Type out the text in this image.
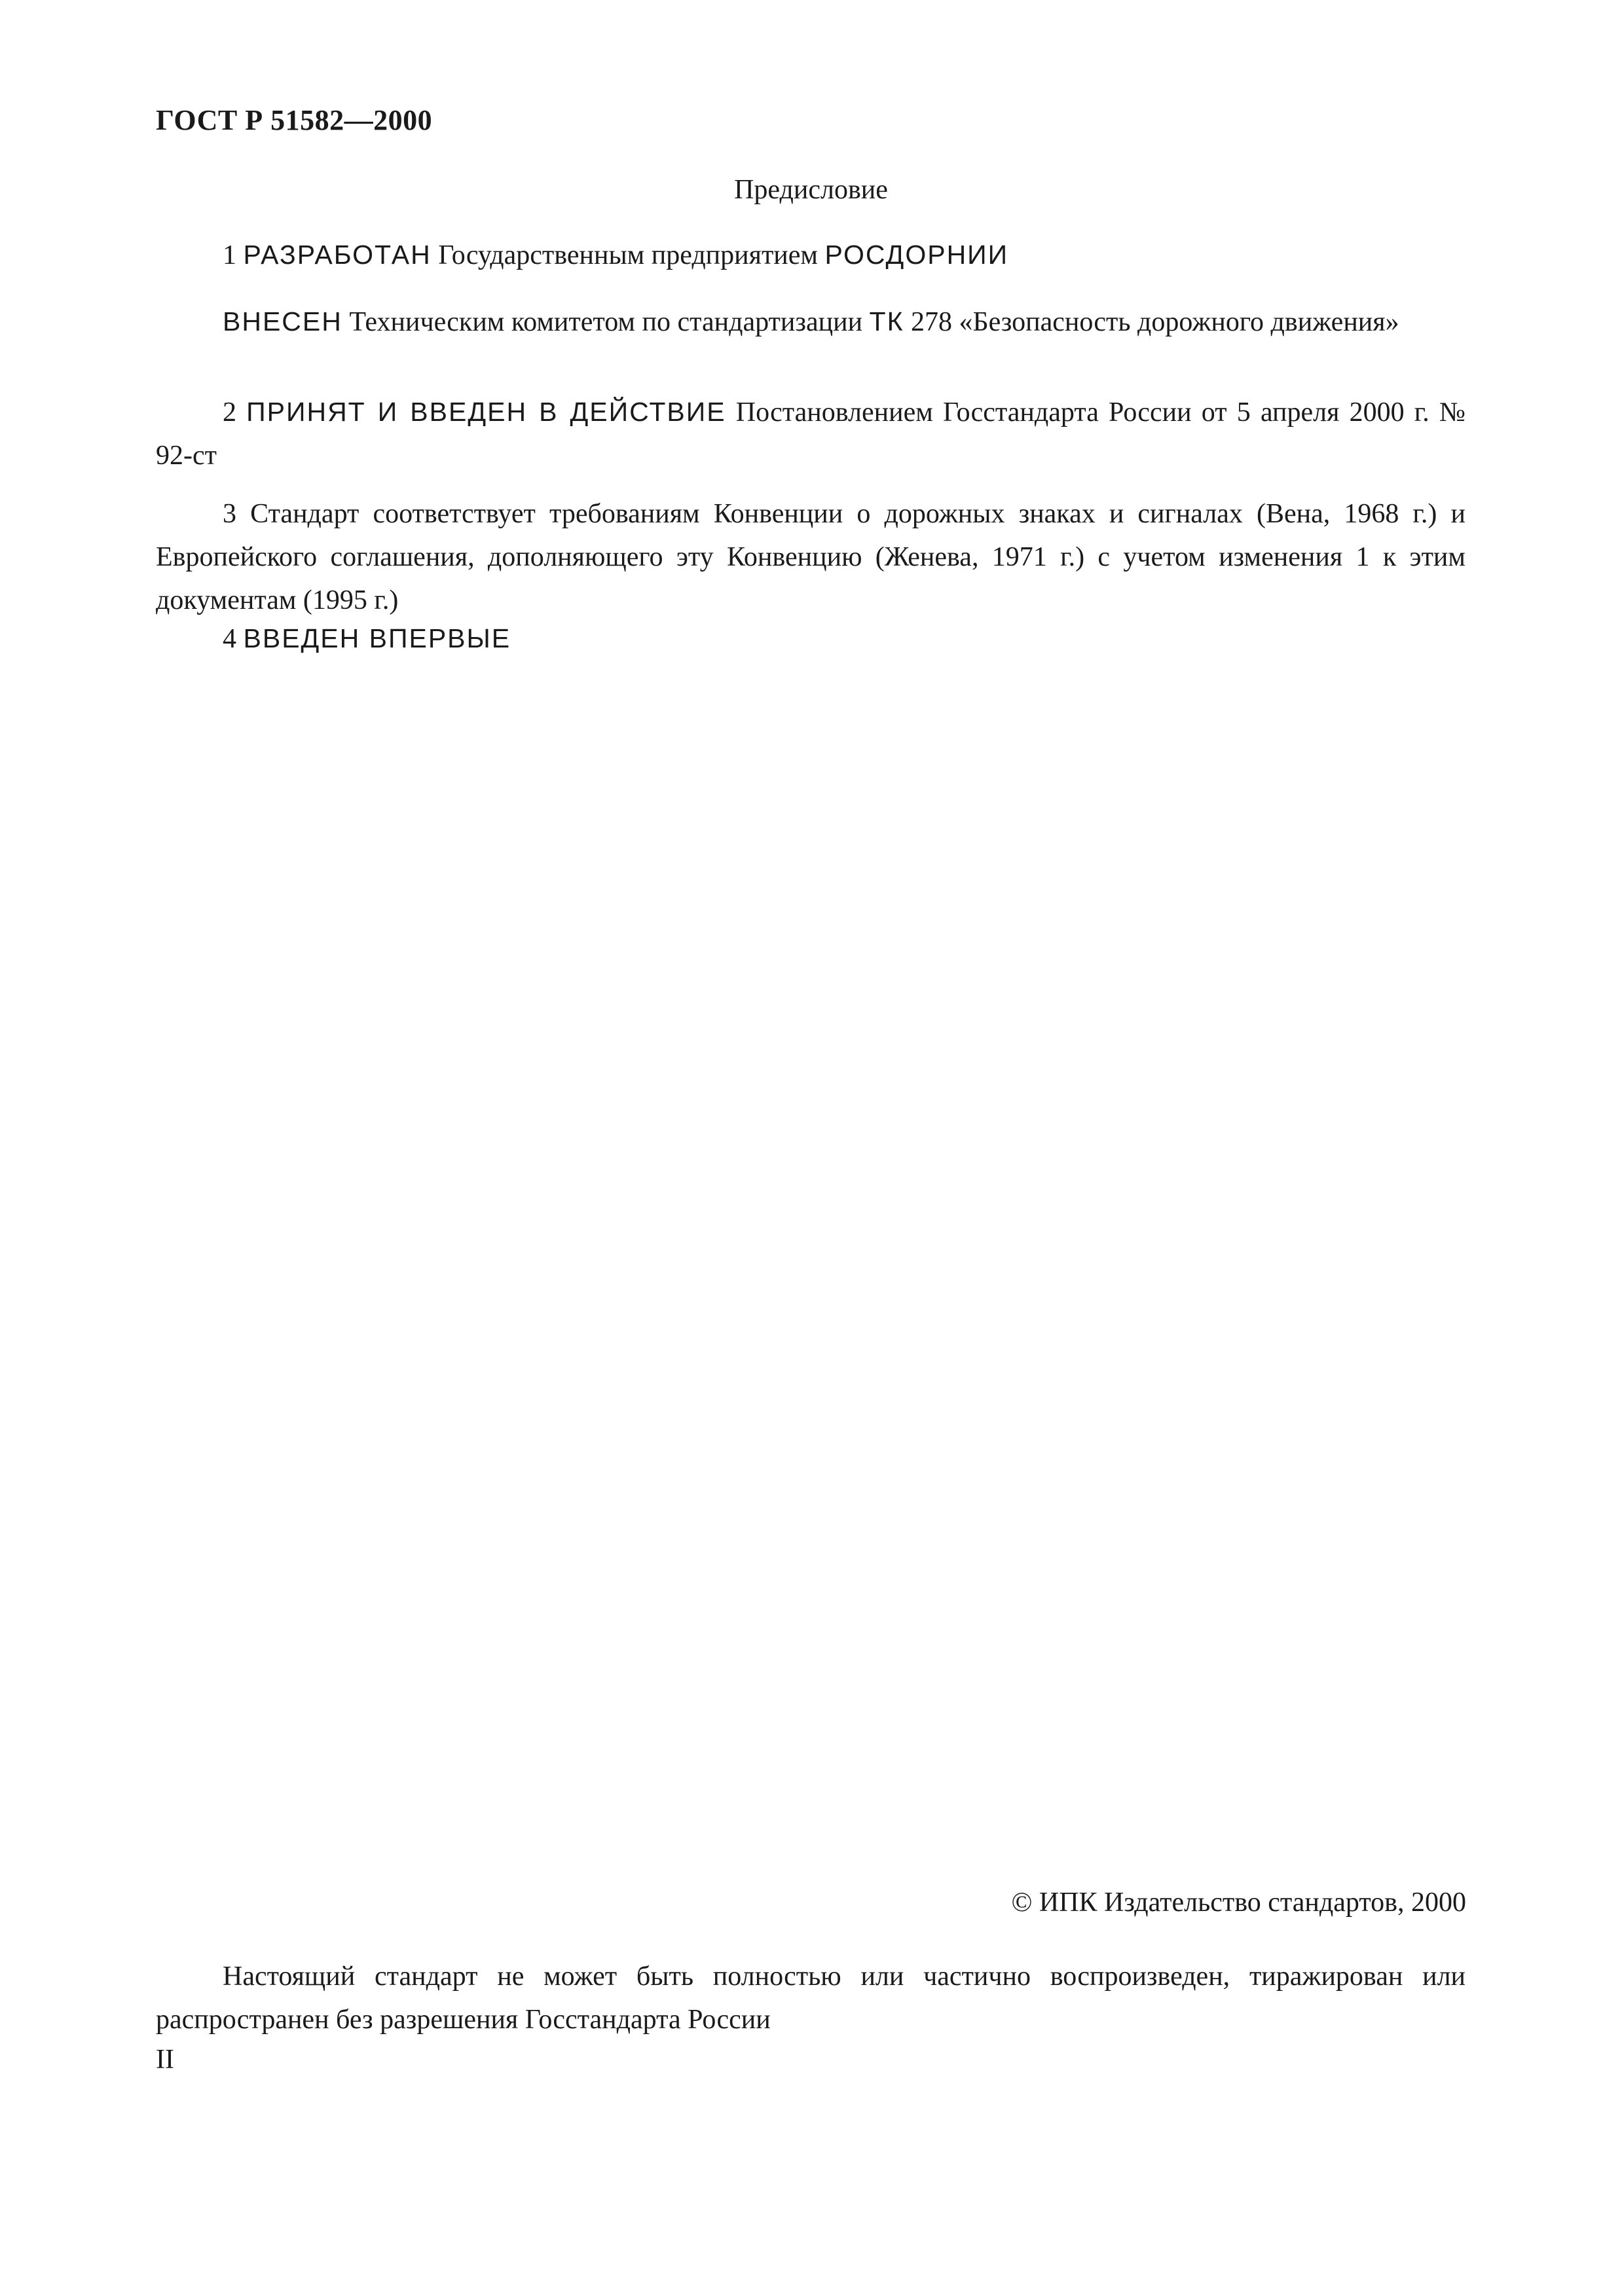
ГОСТ Р 51582—2000
Предисловие
1 РАЗРАБОТАН Государственным предприятием РОСДОРНИИ
ВНЕСЕН Техническим комитетом по стандартизации ТК 278 «Безопасность дорожного движения»
2 ПРИНЯТ И ВВЕДЕН В ДЕЙСТВИЕ Постановлением Госстандарта России от 5 апреля 2000 г. № 92-ст
3 Стандарт соответствует требованиям Конвенции о дорожных знаках и сигналах (Вена, 1968 г.) и Европейского соглашения, дополняющего эту Конвенцию (Женева, 1971 г.) с учетом изменения 1 к этим документам (1995 г.)
4 ВВЕДЕН ВПЕРВЫЕ
© ИПК Издательство стандартов, 2000
Настоящий стандарт не может быть полностью или частично воспроизведен, тиражирован или распространен без разрешения Госстандарта России
II
